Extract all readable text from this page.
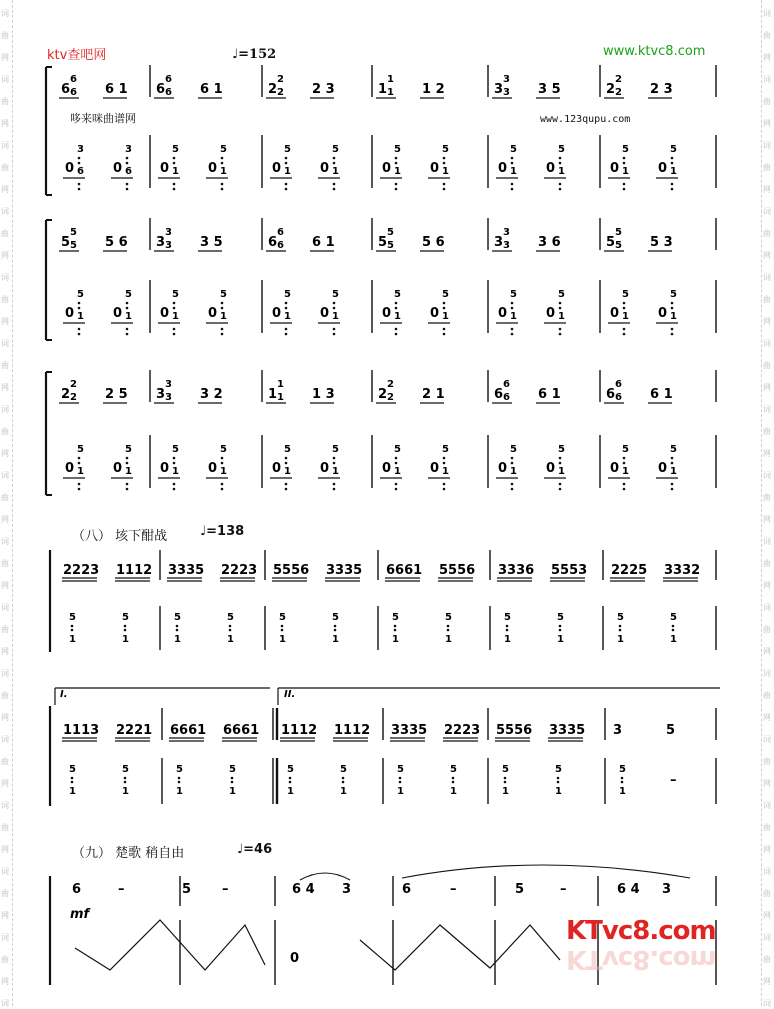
词
曲
网
词
曲
网
词
曲
网
词
曲
网
词
曲
网
词
曲
网
词
曲
网
词
曲
网
词
曲
网
词
曲
网
词
曲
网
词
曲
网
词
曲
网
词
曲
网
词
曲
网
词
词
曲
网
词
曲
网
词
曲
网
词
曲
网
词
曲
网
词
曲
网
词
曲
网
词
曲
网
词
曲
网
词
曲
网
词
曲
网
词
曲
网
词
曲
网
词
曲
网
词
曲
网
词
ktv查吧网	www.ktvc8.com
哆来咪曲谱网	www.123qupu.com
♩=152
（八） 垓下酣战	♩=138
（九） 楚歌 稍自由	♩=46
6
6
6 6 1
0
3
6 0
3
6
6
6
6 6 1
0
5
1 0
5
1
2
2
2 2 3
0
5
1 0
5
1
1
1
1 1 2
0
5
1 0
5
1
3
3
3 3 5
0
5
1 0
5
1
2
2
2 2 3
0
5
1 0
5
1
5
5
5 5 6
0
5
1 0
5
1
3
3
3 3 5
0
5
1 0
5
1
6
6
6 6 1
0
5
1 0
5
1
5
5
5 5 6
0
5
1 0
5
1
3
3
3 3 6
0
5
1 0
5
1
5
5
5 5 3
0
5
1 0
5
1
2
2
2 2 5
0
5
1 0
5
1
3
3
3 3 2
0
5
1 0
5
1
1
1
1 1 3
0
5
1 0
5
1
2
2
2 2 1
0
5
1 0
5
1
6
6
6 6 1
0
5
1 0
5
1
6
6
6 6 1
0
5
1 0
5
1
2223
5
1
1112
5
1
3335
5
1
2223
5
1
5556
5
1
3335
5
1
6661
5
1
5556
5
1
3336
5
1
5553
5
1
2225
5
1
3332
5
1
I.	II.
1113
5
1
2221
5
1
6661
5
1
6661
5
1
1112
5
1
1112
5
1
3335
5
1
2223
5
1
5556
5
1
3335
5
1
3
5
1
5
–
6	–	5 –	6 4 3	6	–	5	–	6 4 3
mf
0
KTvc8.com
KTvc8.com
